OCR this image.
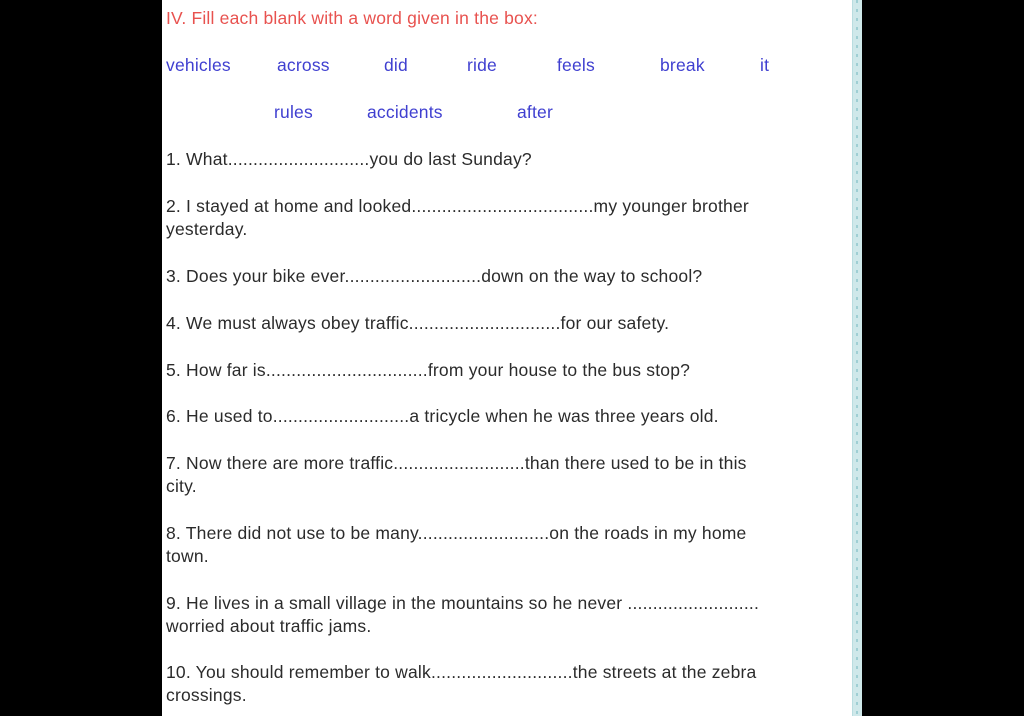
IV. Fill each blank with a word given in the box:
vehicles	across	did	ride	feels	break	it
rules	accidents	after
1. What............................you do last Sunday?
2. I stayed at home and looked....................................my younger brother
yesterday.
3. Does your bike ever...........................down on the way to school?
4. We must always obey traffic..............................for our safety.
5. How far is................................from your house to the bus stop?
6. He used to...........................a tricycle when he was three years old.
7. Now there are more traffic..........................than there used to be in this
city.
8. There did not use to be many..........................on the roads in my home
town.
9. He lives in a small village in the mountains so he never ..........................
worried about traffic jams.
10. You should remember to walk............................the streets at the zebra
crossings.
